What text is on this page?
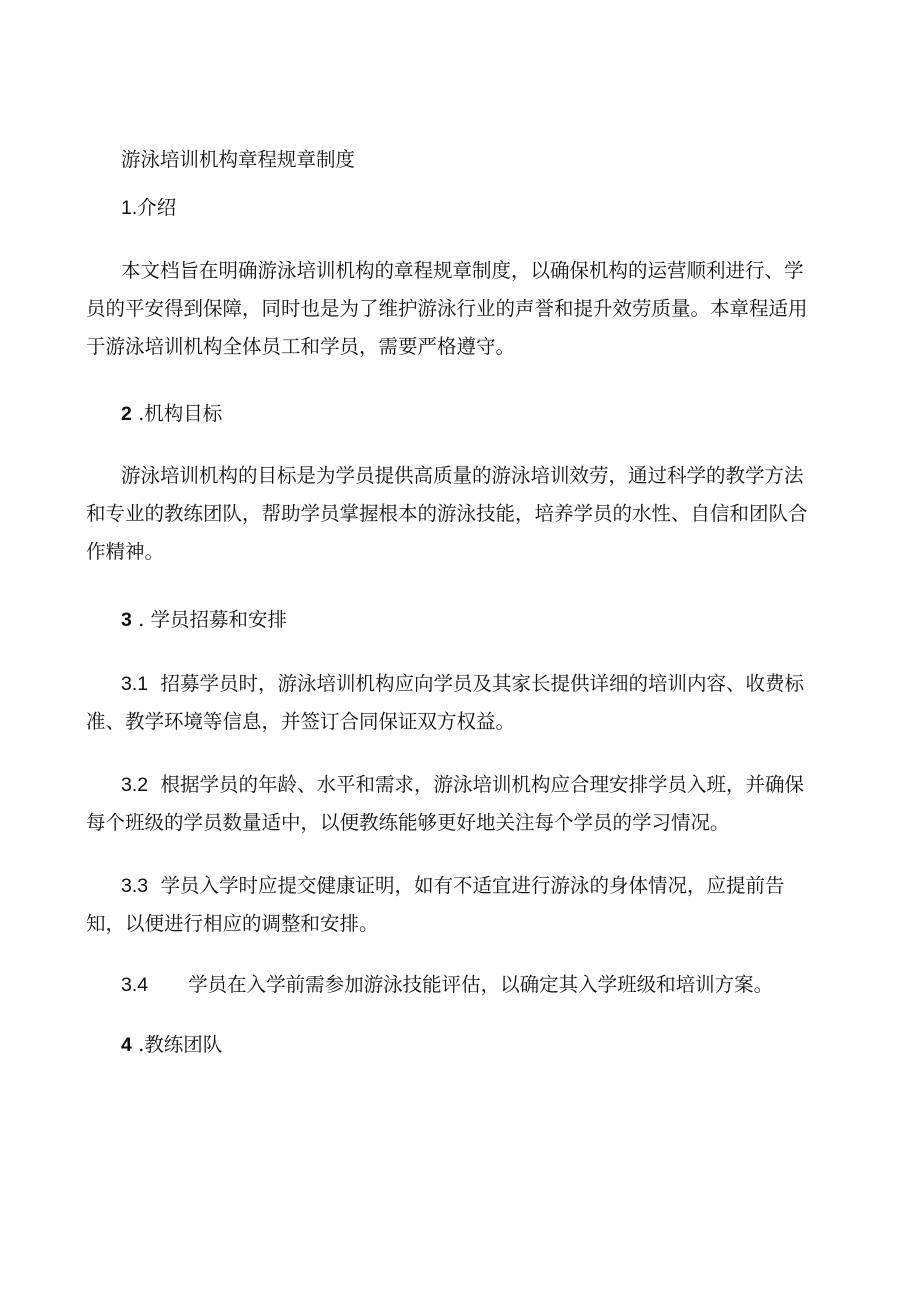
游泳培训机构章程规章制度

1.介绍

本文档旨在明确游泳培训机构的章程规章制度，以确保机构的运营顺利进行、学
员的平安得到保障，同时也是为了维护游泳行业的声誉和提升效劳质量。本章程适用
于游泳培训机构全体员工和学员，需要严格遵守。

2 .机构目标

游泳培训机构的目标是为学员提供高质量的游泳培训效劳，通过科学的教学方法
和专业的教练团队，帮助学员掌握根本的游泳技能，培养学员的水性、自信和团队合
作精神。

3 . 学员招募和安排

3.1 招募学员时，游泳培训机构应向学员及其家长提供详细的培训内容、收费标
准、教学环境等信息，并签订合同保证双方权益。
3.2 根据学员的年龄、水平和需求，游泳培训机构应合理安排学员入班，并确保
每个班级的学员数量适中，以便教练能够更好地关注每个学员的学习情况。
3.3 学员入学时应提交健康证明，如有不适宜进行游泳的身体情况，应提前告
知，以便进行相应的调整和安排。
3.4 学员在入学前需参加游泳技能评估，以确定其入学班级和培训方案。

4 .教练团队
